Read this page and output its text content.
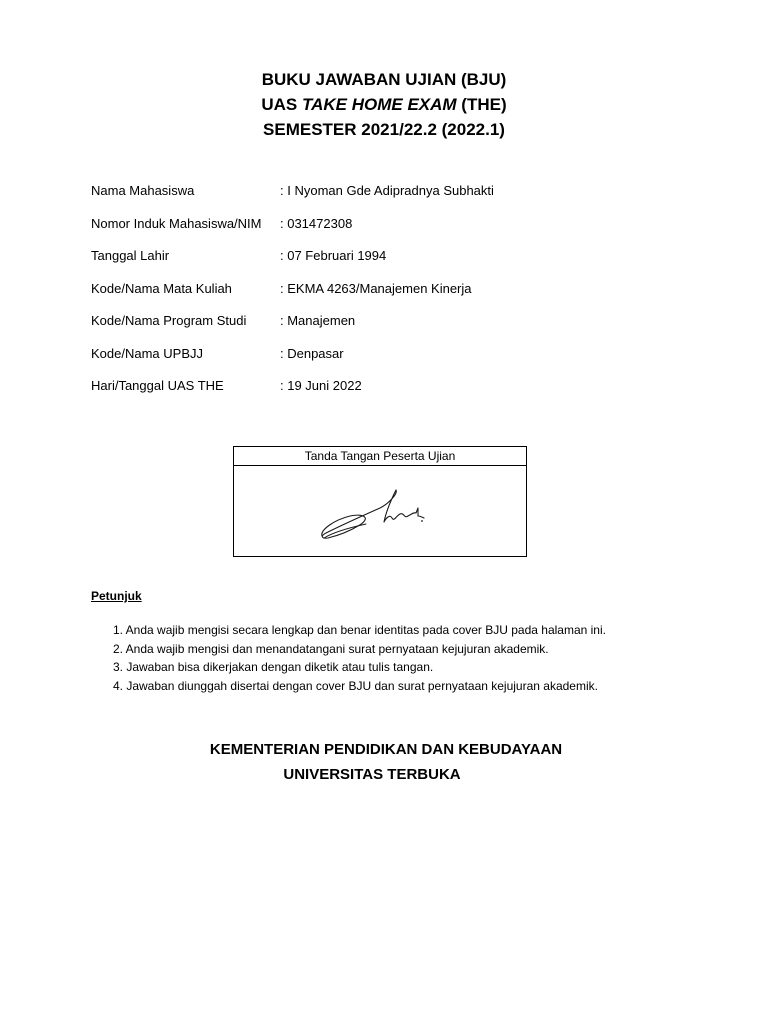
BUKU JAWABAN UJIAN (BJU)
UAS TAKE HOME EXAM (THE)
SEMESTER 2021/22.2 (2022.1)
Nama Mahasiswa	: I Nyoman Gde Adipradnya Subhakti
Nomor Induk Mahasiswa/NIM	: 031472308
Tanggal Lahir	: 07 Februari 1994
Kode/Nama Mata Kuliah	: EKMA 4263/Manajemen Kinerja
Kode/Nama Program Studi	: Manajemen
Kode/Nama UPBJJ	: Denpasar
Hari/Tanggal UAS THE	: 19 Juni 2022
Tanda Tangan Peserta Ujian
Petunjuk
1. Anda wajib mengisi secara lengkap dan benar identitas pada cover BJU pada halaman ini.
2. Anda wajib mengisi dan menandatangani surat pernyataan kejujuran akademik.
3. Jawaban bisa dikerjakan dengan diketik atau tulis tangan.
4. Jawaban diunggah disertai dengan cover BJU dan surat pernyataan kejujuran akademik.
KEMENTERIAN PENDIDIKAN DAN KEBUDAYAAN
UNIVERSITAS TERBUKA
